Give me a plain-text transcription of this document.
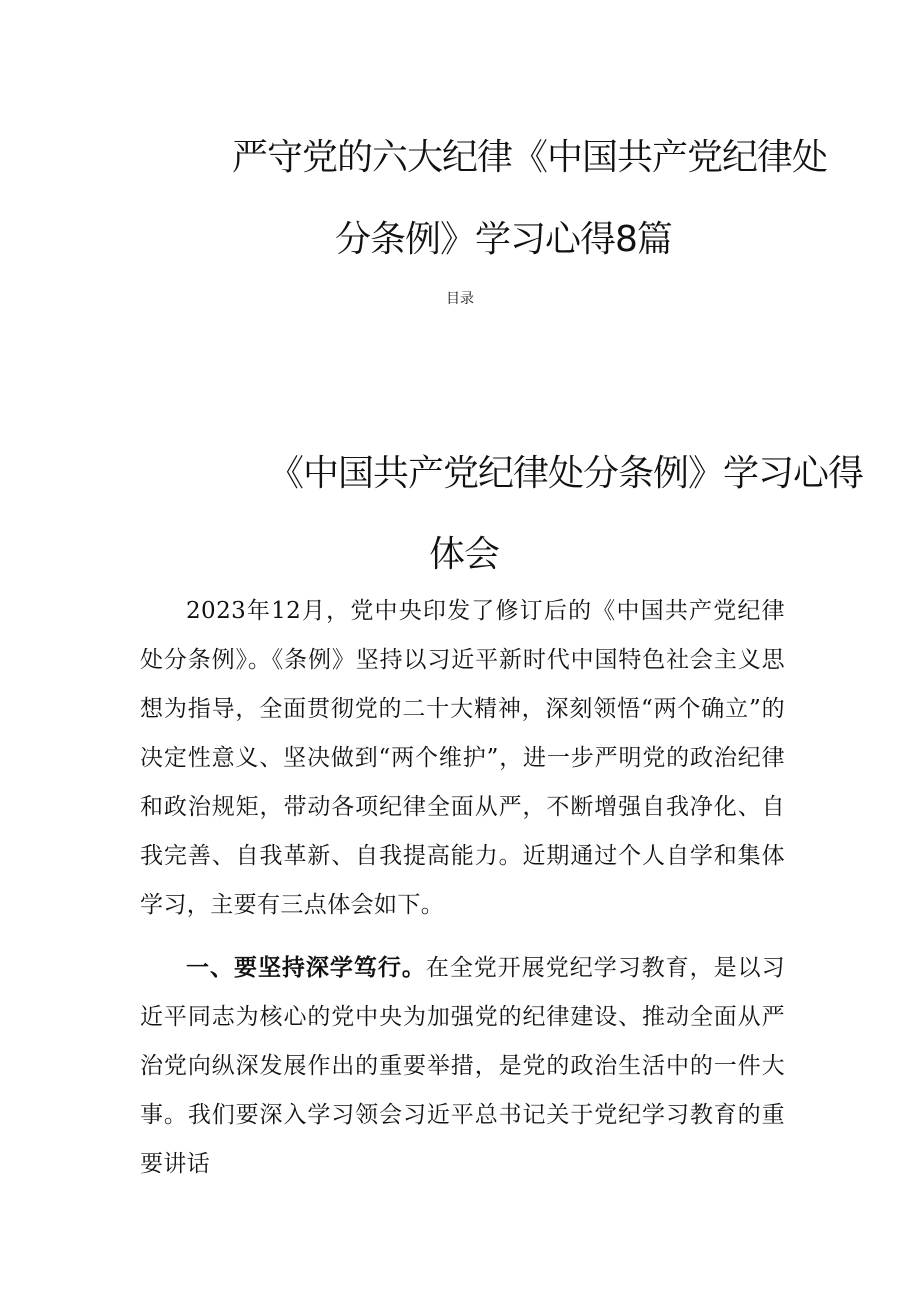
严守党的六大纪律《中国共产党纪律处
分条例》学习心得8篇
目录
《中国共产党纪律处分条例》学习心得
体会
2023年12月，党中央印发了修订后的《中国共产党纪律处分条例》。《条例》坚持以习近平新时代中国特色社会主义思想为指导，全面贯彻党的二十大精神，深刻领悟“两个确立”的决定性意义、坚决做到“两个维护”，进一步严明党的政治纪律和政治规矩，带动各项纪律全面从严，不断增强自我净化、自我完善、自我革新、自我提高能力。近期通过个人自学和集体学习，主要有三点体会如下。
一、要坚持深学笃行。在全党开展党纪学习教育，是以习近平同志为核心的党中央为加强党的纪律建设、推动全面从严治党向纵深发展作出的重要举措，是党的政治生活中的一件大事。我们要深入学习领会习近平总书记关于党纪学习教育的重要讲话
